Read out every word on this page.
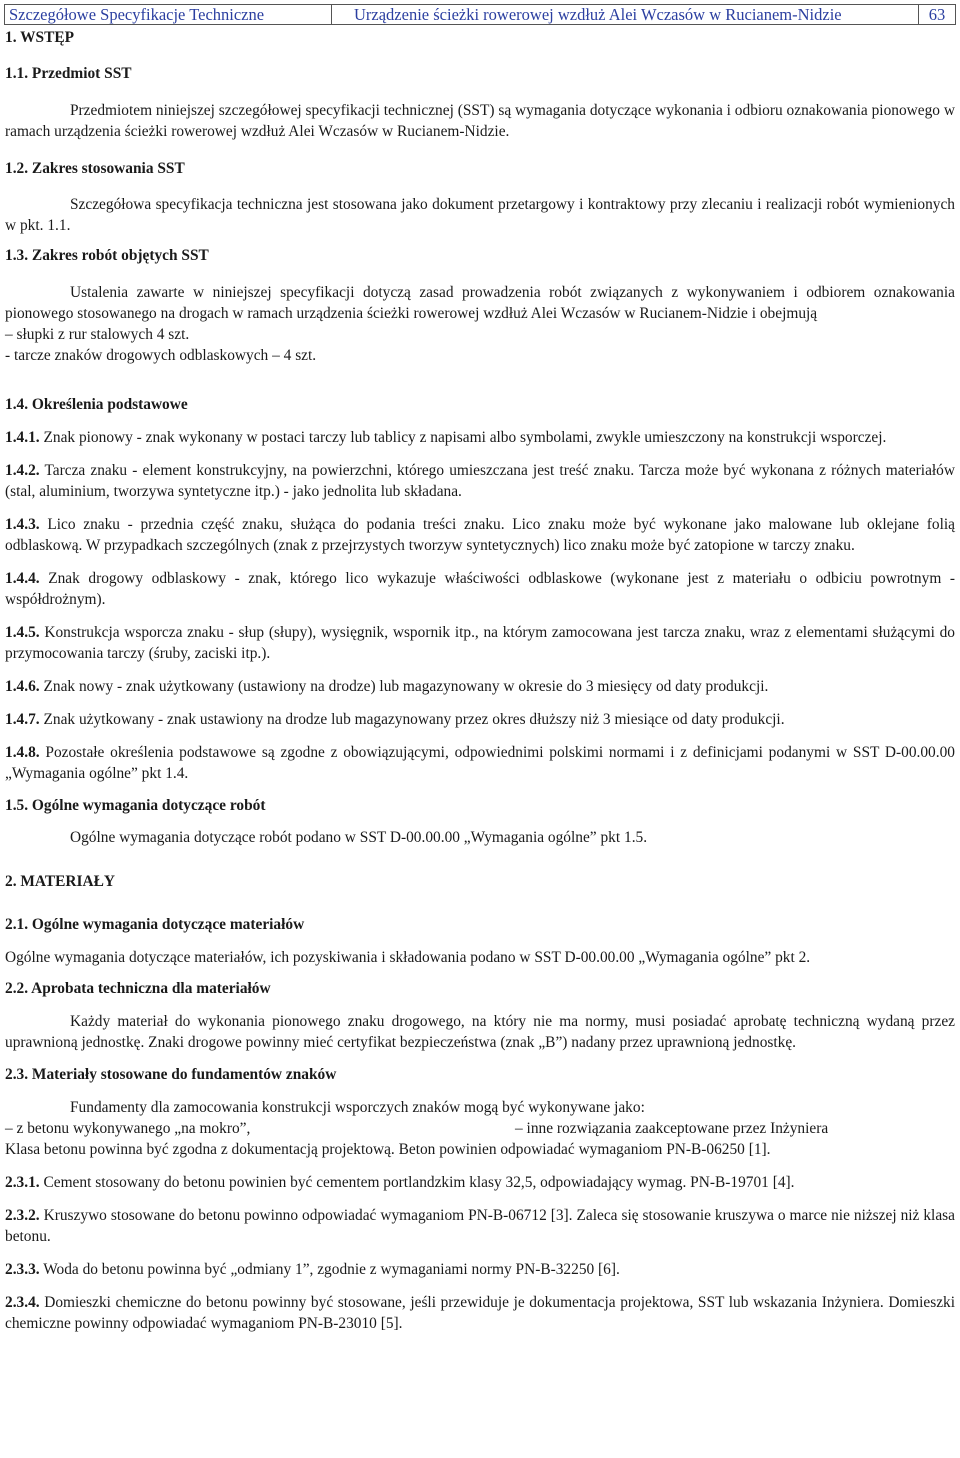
Szczegółowe Specyfikacje Techniczne	Urządzenie ścieżki rowerowej wzdłuż Alei Wczasów w Rucianem-Nidzie	63

1. WSTĘP

1.1. Przedmiot SST

Przedmiotem niniejszej szczegółowej specyfikacji technicznej (SST) są wymagania dotyczące wykonania i odbioru oznakowania pionowego w ramach urządzenia ścieżki rowerowej wzdłuż Alei Wczasów w Rucianem-Nidzie.

1.2. Zakres stosowania SST

Szczegółowa specyfikacja techniczna jest stosowana jako dokument przetargowy i kontraktowy przy zlecaniu i realizacji robót wymienionych w pkt. 1.1.

1.3. Zakres robót objętych SST

Ustalenia zawarte w niniejszej specyfikacji dotyczą zasad prowadzenia robót związanych z wykonywaniem i odbiorem oznakowania pionowego stosowanego na drogach w ramach urządzenia ścieżki rowerowej wzdłuż Alei Wczasów w Rucianem-Nidzie i obejmują

– słupki z rur stalowych 4 szt.

- tarcze znaków drogowych odblaskowych – 4 szt.

1.4. Określenia podstawowe

1.4.1. Znak pionowy - znak wykonany w postaci tarczy lub tablicy z napisami albo symbolami, zwykle umieszczony na konstrukcji wsporczej.

1.4.2. Tarcza znaku - element konstrukcyjny, na powierzchni, którego umieszczana jest treść znaku. Tarcza może być wykonana z różnych materiałów (stal, aluminium, tworzywa syntetyczne itp.) - jako jednolita lub składana.

1.4.3. Lico znaku - przednia część znaku, służąca do podania treści znaku. Lico znaku może być wykonane jako malowane lub oklejane folią odblaskową. W przypadkach szczególnych (znak z przejrzystych tworzyw syntetycznych) lico znaku może być zatopione w tarczy znaku.

1.4.4. Znak drogowy odblaskowy - znak, którego lico wykazuje właściwości odblaskowe (wykonane jest z materiału o odbiciu powrotnym - współdrożnym).

1.4.5. Konstrukcja wsporcza znaku - słup (słupy), wysięgnik, wspornik itp., na którym zamocowana jest tarcza znaku, wraz z elementami służącymi do przymocowania tarczy (śruby, zaciski itp.).

1.4.6. Znak nowy - znak użytkowany (ustawiony na drodze) lub magazynowany w okresie do 3 miesięcy od daty produkcji.

1.4.7. Znak użytkowany - znak ustawiony na drodze lub magazynowany przez okres dłuższy niż 3 miesiące od daty produkcji.

1.4.8. Pozostałe określenia podstawowe są zgodne z obowiązującymi, odpowiednimi polskimi normami i z definicjami podanymi w SST D-00.00.00 „Wymagania ogólne” pkt 1.4.

1.5. Ogólne wymagania dotyczące robót

Ogólne wymagania dotyczące robót podano w SST D-00.00.00 „Wymagania ogólne” pkt 1.5.

2. MATERIAŁY

2.1. Ogólne wymagania dotyczące materiałów

Ogólne wymagania dotyczące materiałów, ich pozyskiwania i składowania podano w SST D-00.00.00 „Wymagania ogólne” pkt 2.

2.2. Aprobata techniczna dla materiałów

Każdy materiał do wykonania pionowego znaku drogowego, na który nie ma normy, musi posiadać aprobatę techniczną wydaną przez uprawnioną jednostkę. Znaki drogowe powinny mieć certyfikat bezpieczeństwa (znak „B”) nadany przez uprawnioną jednostkę.

2.3. Materiały stosowane do fundamentów znaków

Fundamenty dla zamocowania konstrukcji wsporczych znaków mogą być wykonywane jako:

– z betonu wykonywanego „na mokro”,	– inne rozwiązania zaakceptowane przez Inżyniera

Klasa betonu powinna być zgodna z dokumentacją projektową. Beton powinien odpowiadać wymaganiom PN-B-06250 [1].

2.3.1. Cement stosowany do betonu powinien być cementem portlandzkim klasy 32,5, odpowiadający wymag. PN-B-19701 [4].

2.3.2. Kruszywo stosowane do betonu powinno odpowiadać wymaganiom PN-B-06712 [3]. Zaleca się stosowanie kruszywa o marce nie niższej niż klasa betonu.

2.3.3. Woda do betonu powinna być „odmiany 1”, zgodnie z wymaganiami normy PN-B-32250 [6].

2.3.4. Domieszki chemiczne do betonu powinny być stosowane, jeśli przewiduje je dokumentacja projektowa, SST lub wskazania Inżyniera. Domieszki chemiczne powinny odpowiadać wymaganiom PN-B-23010 [5].
